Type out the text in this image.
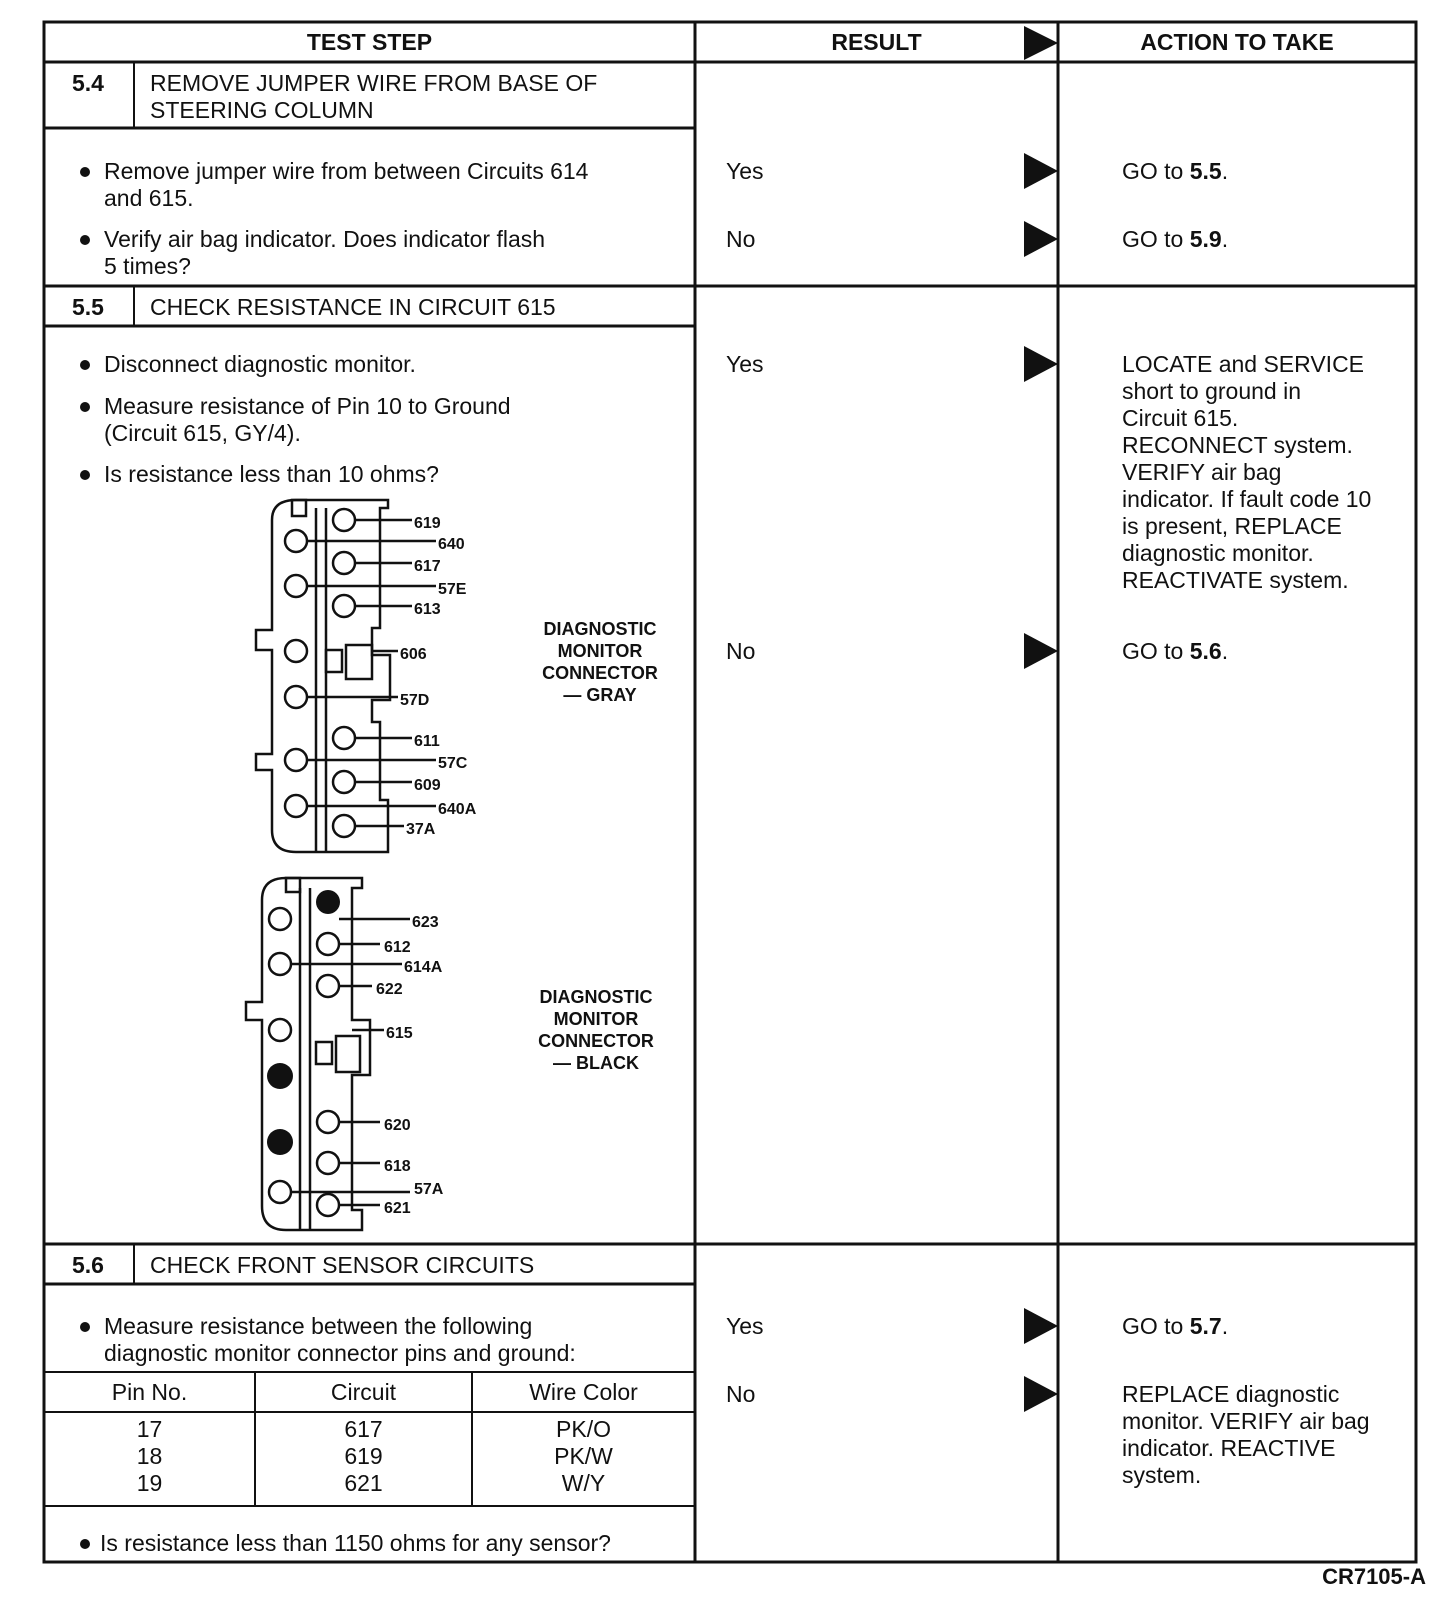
TEST STEP	RESULT	ACTION TO TAKE
5.4 REMOVE JUMPER WIRE FROM BASE OF
STEERING COLUMN
Remove jumper wire from between Circuits 614
and 615.
Verify air bag indicator. Does indicator flash
5 times?
Yes	GO to 5.5.
No	GO to 5.9.
5.5 CHECK RESISTANCE IN CIRCUIT 615
Disconnect diagnostic monitor.
Measure resistance of Pin 10 to Ground
(Circuit 615, GY/4).
Is resistance less than 10 ohms?
619
640
617
57E
613
606
57D
611
57C
609
640A
37A
DIAGNOSTIC
MONITOR
CONNECTOR
— GRAY
623
612
614A
622
615
620
618
57A
621
DIAGNOSTIC
MONITOR
CONNECTOR
— BLACK
Yes	LOCATE and SERVICE
short to ground in
Circuit 615.
RECONNECT system.
VERIFY air bag
indicator. If fault code 10
is present, REPLACE
diagnostic monitor.
REACTIVATE system.
No	GO to 5.6.
5.6 CHECK FRONT SENSOR CIRCUITS
Measure resistance between the following
diagnostic monitor connector pins and ground:
Pin No.	Circuit	Wire Color
17	617	PK/O
18	619	PK/W
19	621	W/Y
Is resistance less than 1150 ohms for any sensor?
Yes	GO to 5.7.
No	REPLACE diagnostic
monitor. VERIFY air bag
indicator. REACTIVE
system.
CR7105-A
